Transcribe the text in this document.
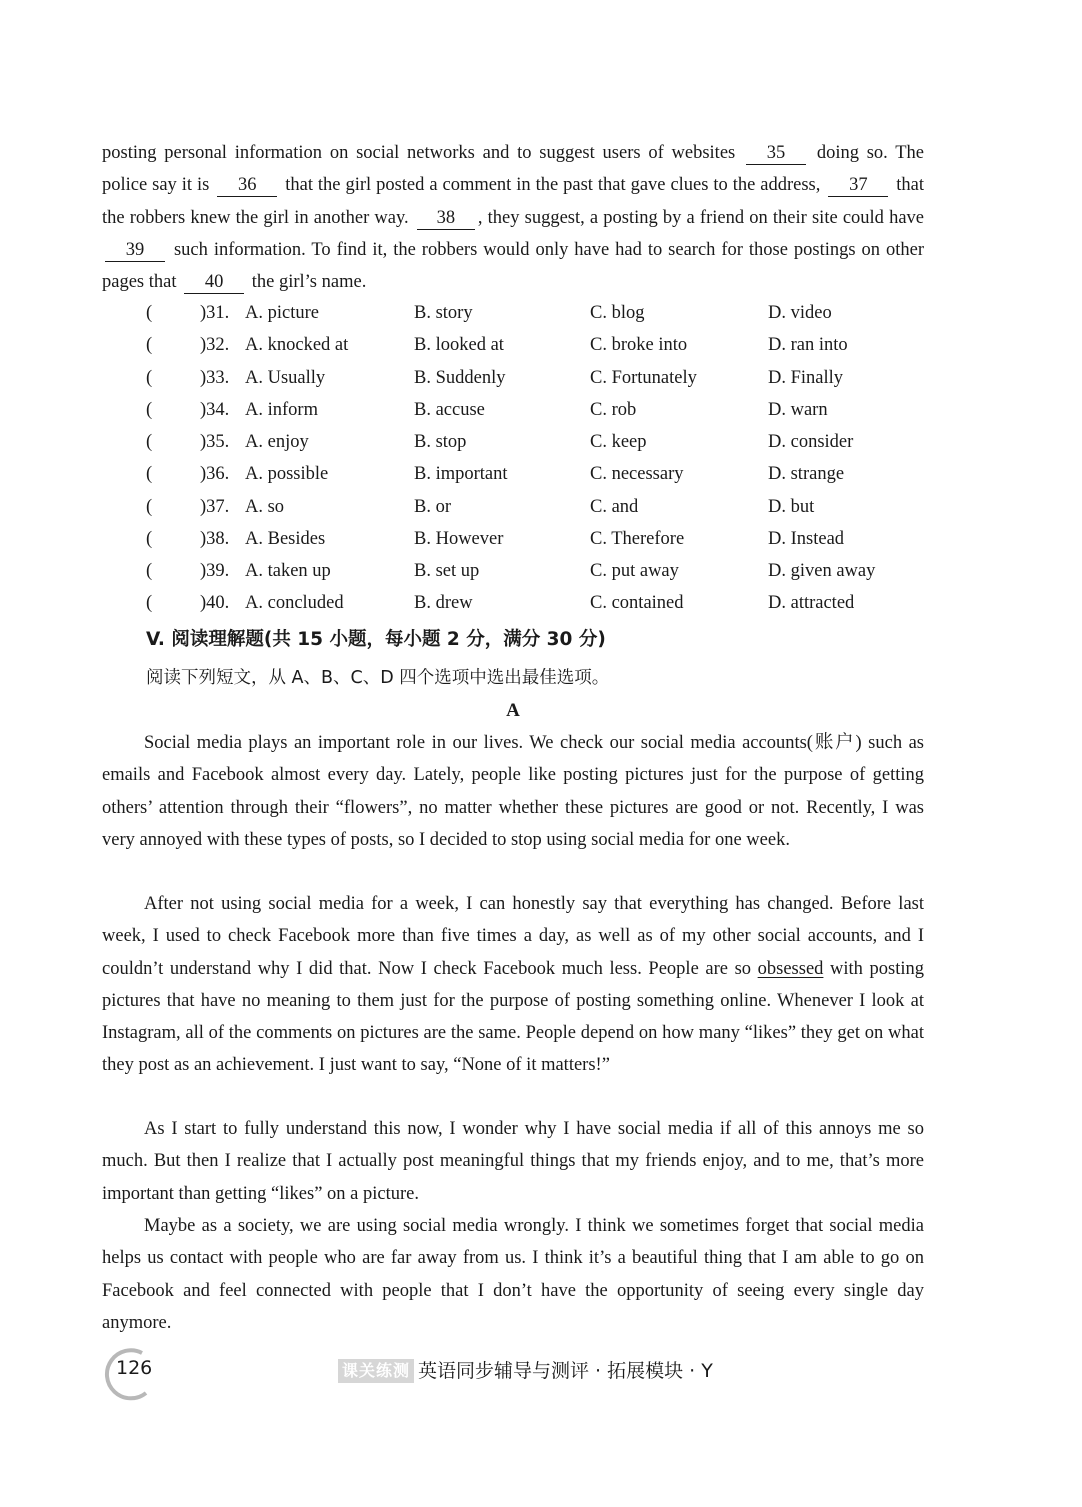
posting personal information on social networks and to suggest users of websites 35 doing so. The police say it is 36 that the girl posted a comment in the past that gave clues to the address, 37 that the robbers knew the girl in another way. 38 , they suggest, a posting by a friend on their site could have 39 such information. To find it, the robbers would only have had to search for those postings on other pages that 40 the girl’s name.
(	)31. A. picture	B. story	C. blog	D. video
(	)32. A. knocked at	B. looked at	C. broke into	D. ran into
(	)33. A. Usually	B. Suddenly	C. Fortunately	D. Finally
(	)34. A. inform	B. accuse	C. rob	D. warn
(	)35. A. enjoy	B. stop	C. keep	D. consider
(	)36. A. possible	B. important	C. necessary	D. strange
(	)37. A. so	B. or	C. and	D. but
(	)38. A. Besides	B. However	C. Therefore	D. Instead
(	)39. A. taken up	B. set up	C. put away	D. given away
(	)40. A. concluded	B. drew	C. contained	D. attracted
V. 阅读理解题(共 15 小题，每小题 2 分，满分 30 分)
阅读下列短文，从 A、B、C、D 四个选项中选出最佳选项。
A
Social media plays an important role in our lives. We check our social media accounts(账户) such as emails and Facebook almost every day. Lately, people like posting pictures just for the purpose of getting others’ attention through their “flowers”, no matter whether these pictures are good or not. Recently, I was very annoyed with these types of posts, so I decided to stop using social media for one week.
After not using social media for a week, I can honestly say that everything has changed. Before last week, I used to check Facebook more than five times a day, as well as of my other social accounts, and I couldn’t understand why I did that. Now I check Facebook much less. People are so obsessed with posting pictures that have no meaning to them just for the purpose of posting something online. Whenever I look at Instagram, all of the comments on pictures are the same. People depend on how many “likes” they get on what they post as an achievement. I just want to say, “None of it matters!”
As I start to fully understand this now, I wonder why I have social media if all of this annoys me so much. But then I realize that I actually post meaningful things that my friends enjoy, and to me, that’s more important than getting “likes” on a picture.
Maybe as a society, we are using social media wrongly. I think we sometimes forget that social media helps us contact with people who are far away from us. I think it’s a beautiful thing that I am able to go on Facebook and feel connected with people that I don’t have the opportunity of seeing every single day anymore.
126	课关练测 英语同步辅导与测评 · 拓展模块 · Y
